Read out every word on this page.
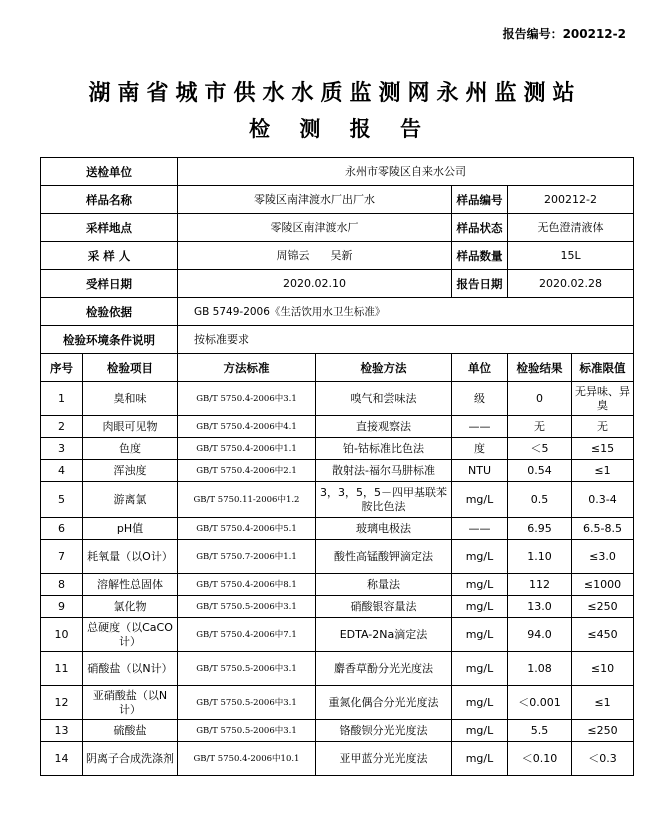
报告编号：200212-2
湖南省城市供水水质监测网永州监测站
检 测 报 告
送检单位		永州市零陵区自来水公司				
样品名称		零陵区南津渡水厂出厂水		样品编号	200212-2	
采样地点		零陵区南津渡水厂		样品状态	无色澄清液体	
采 样 人		周锦云      吴新		样品数量	15L	
受样日期		2020.02.10		报告日期	2020.02.28	
检验依据		GB 5749-2006《生活饮用水卫生标准》				
检验环境条件说明		按标准要求				
序号	检验项目	方法标准	检验方法	单位	检验结果	标准限值
1	臭和味	GB/T 5750.4-2006中3.1	嗅气和尝味法	级	0	无异味、异臭
2	肉眼可见物	GB/T 5750.4-2006中4.1	直接观察法	——	无	无
3	色度	GB/T 5750.4-2006中1.1	铂-钴标准比色法	度	＜5	≤15
4	浑浊度	GB/T 5750.4-2006中2.1	散射法-福尔马肼标准	NTU	0.54	≤1
5	游离氯	GB/T 5750.11-2006中1.2	3，3，5，5－四甲基联苯胺比色法	mg/L	0.5	0.3-4
6	pH值	GB/T 5750.4-2006中5.1	玻璃电极法	——	6.95	6.5-8.5
7	耗氧量（以O计）	GB/T 5750.7-2006中1.1	酸性高锰酸钾滴定法	mg/L	1.10	≤3.0
8	溶解性总固体	GB/T 5750.4-2006中8.1	称量法	mg/L	112	≤1000
9	氯化物	GB/T 5750.5-2006中3.1	硝酸银容量法	mg/L	13.0	≤250
10	总硬度（以CaCO计）	GB/T 5750.4-2006中7.1	EDTA-2Na滴定法	mg/L	94.0	≤450
11	硝酸盐（以N计）	GB/T 5750.5-2006中3.1	麝香草酚分光光度法	mg/L	1.08	≤10
12	亚硝酸盐（以N计）	GB/T 5750.5-2006中3.1	重氮化偶合分光光度法	mg/L	＜0.001	≤1
13	硫酸盐	GB/T 5750.5-2006中3.1	铬酸钡分光光度法	mg/L	5.5	≤250
14	阴离子合成洗涤剂	GB/T 5750.4-2006中10.1	亚甲蓝分光光度法	mg/L	＜0.10	＜0.3
